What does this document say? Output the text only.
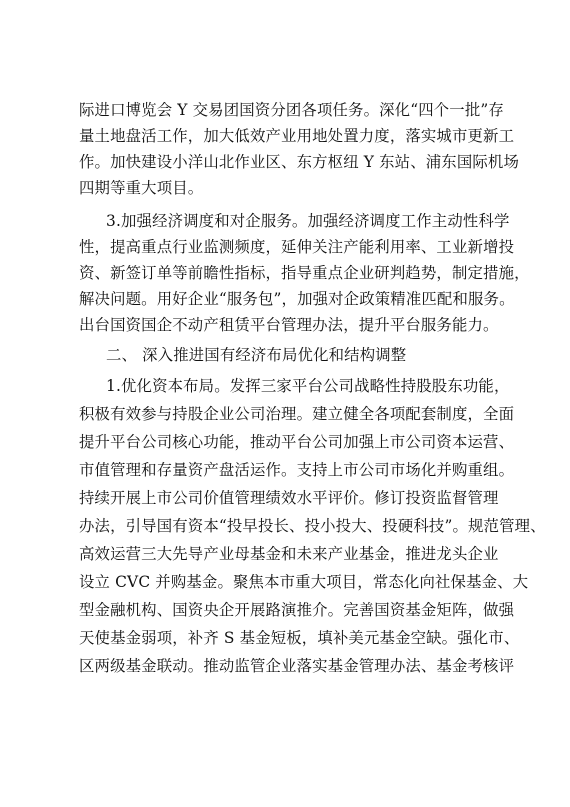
际进口博览会 Y 交易团国资分团各项任务。深化“四个一批”存
量土地盘活工作，加大低效产业用地处置力度，落实城市更新工
作。加快建设小洋山北作业区、东方枢纽 Y 东站、浦东国际机场
四期等重大项目。
3.加强经济调度和对企服务。加强经济调度工作主动性科学
性，提高重点行业监测频度，延伸关注产能利用率、工业新增投
资、新签订单等前瞻性指标，指导重点企业研判趋势，制定措施，
解决问题。用好企业“服务包”，加强对企政策精准匹配和服务。
出台国资国企不动产租赁平台管理办法，提升平台服务能力。
二、 深入推进国有经济布局优化和结构调整
1.优化资本布局。发挥三家平台公司战略性持股股东功能，
积极有效参与持股企业公司治理。建立健全各项配套制度，全面
提升平台公司核心功能，推动平台公司加强上市公司资本运营、
市值管理和存量资产盘活运作。支持上市公司市场化并购重组。
持续开展上市公司价值管理绩效水平评价。修订投资监督管理
办法，引导国有资本“投早投长、投小投大、投硬科技”。规范管理、
高效运营三大先导产业母基金和未来产业基金，推进龙头企业
设立 CVC 并购基金。聚焦本市重大项目，常态化向社保基金、大
型金融机构、国资央企开展路演推介。完善国资基金矩阵，做强
天使基金弱项，补齐 S 基金短板，填补美元基金空缺。强化市、
区两级基金联动。推动监管企业落实基金管理办法、基金考核评
